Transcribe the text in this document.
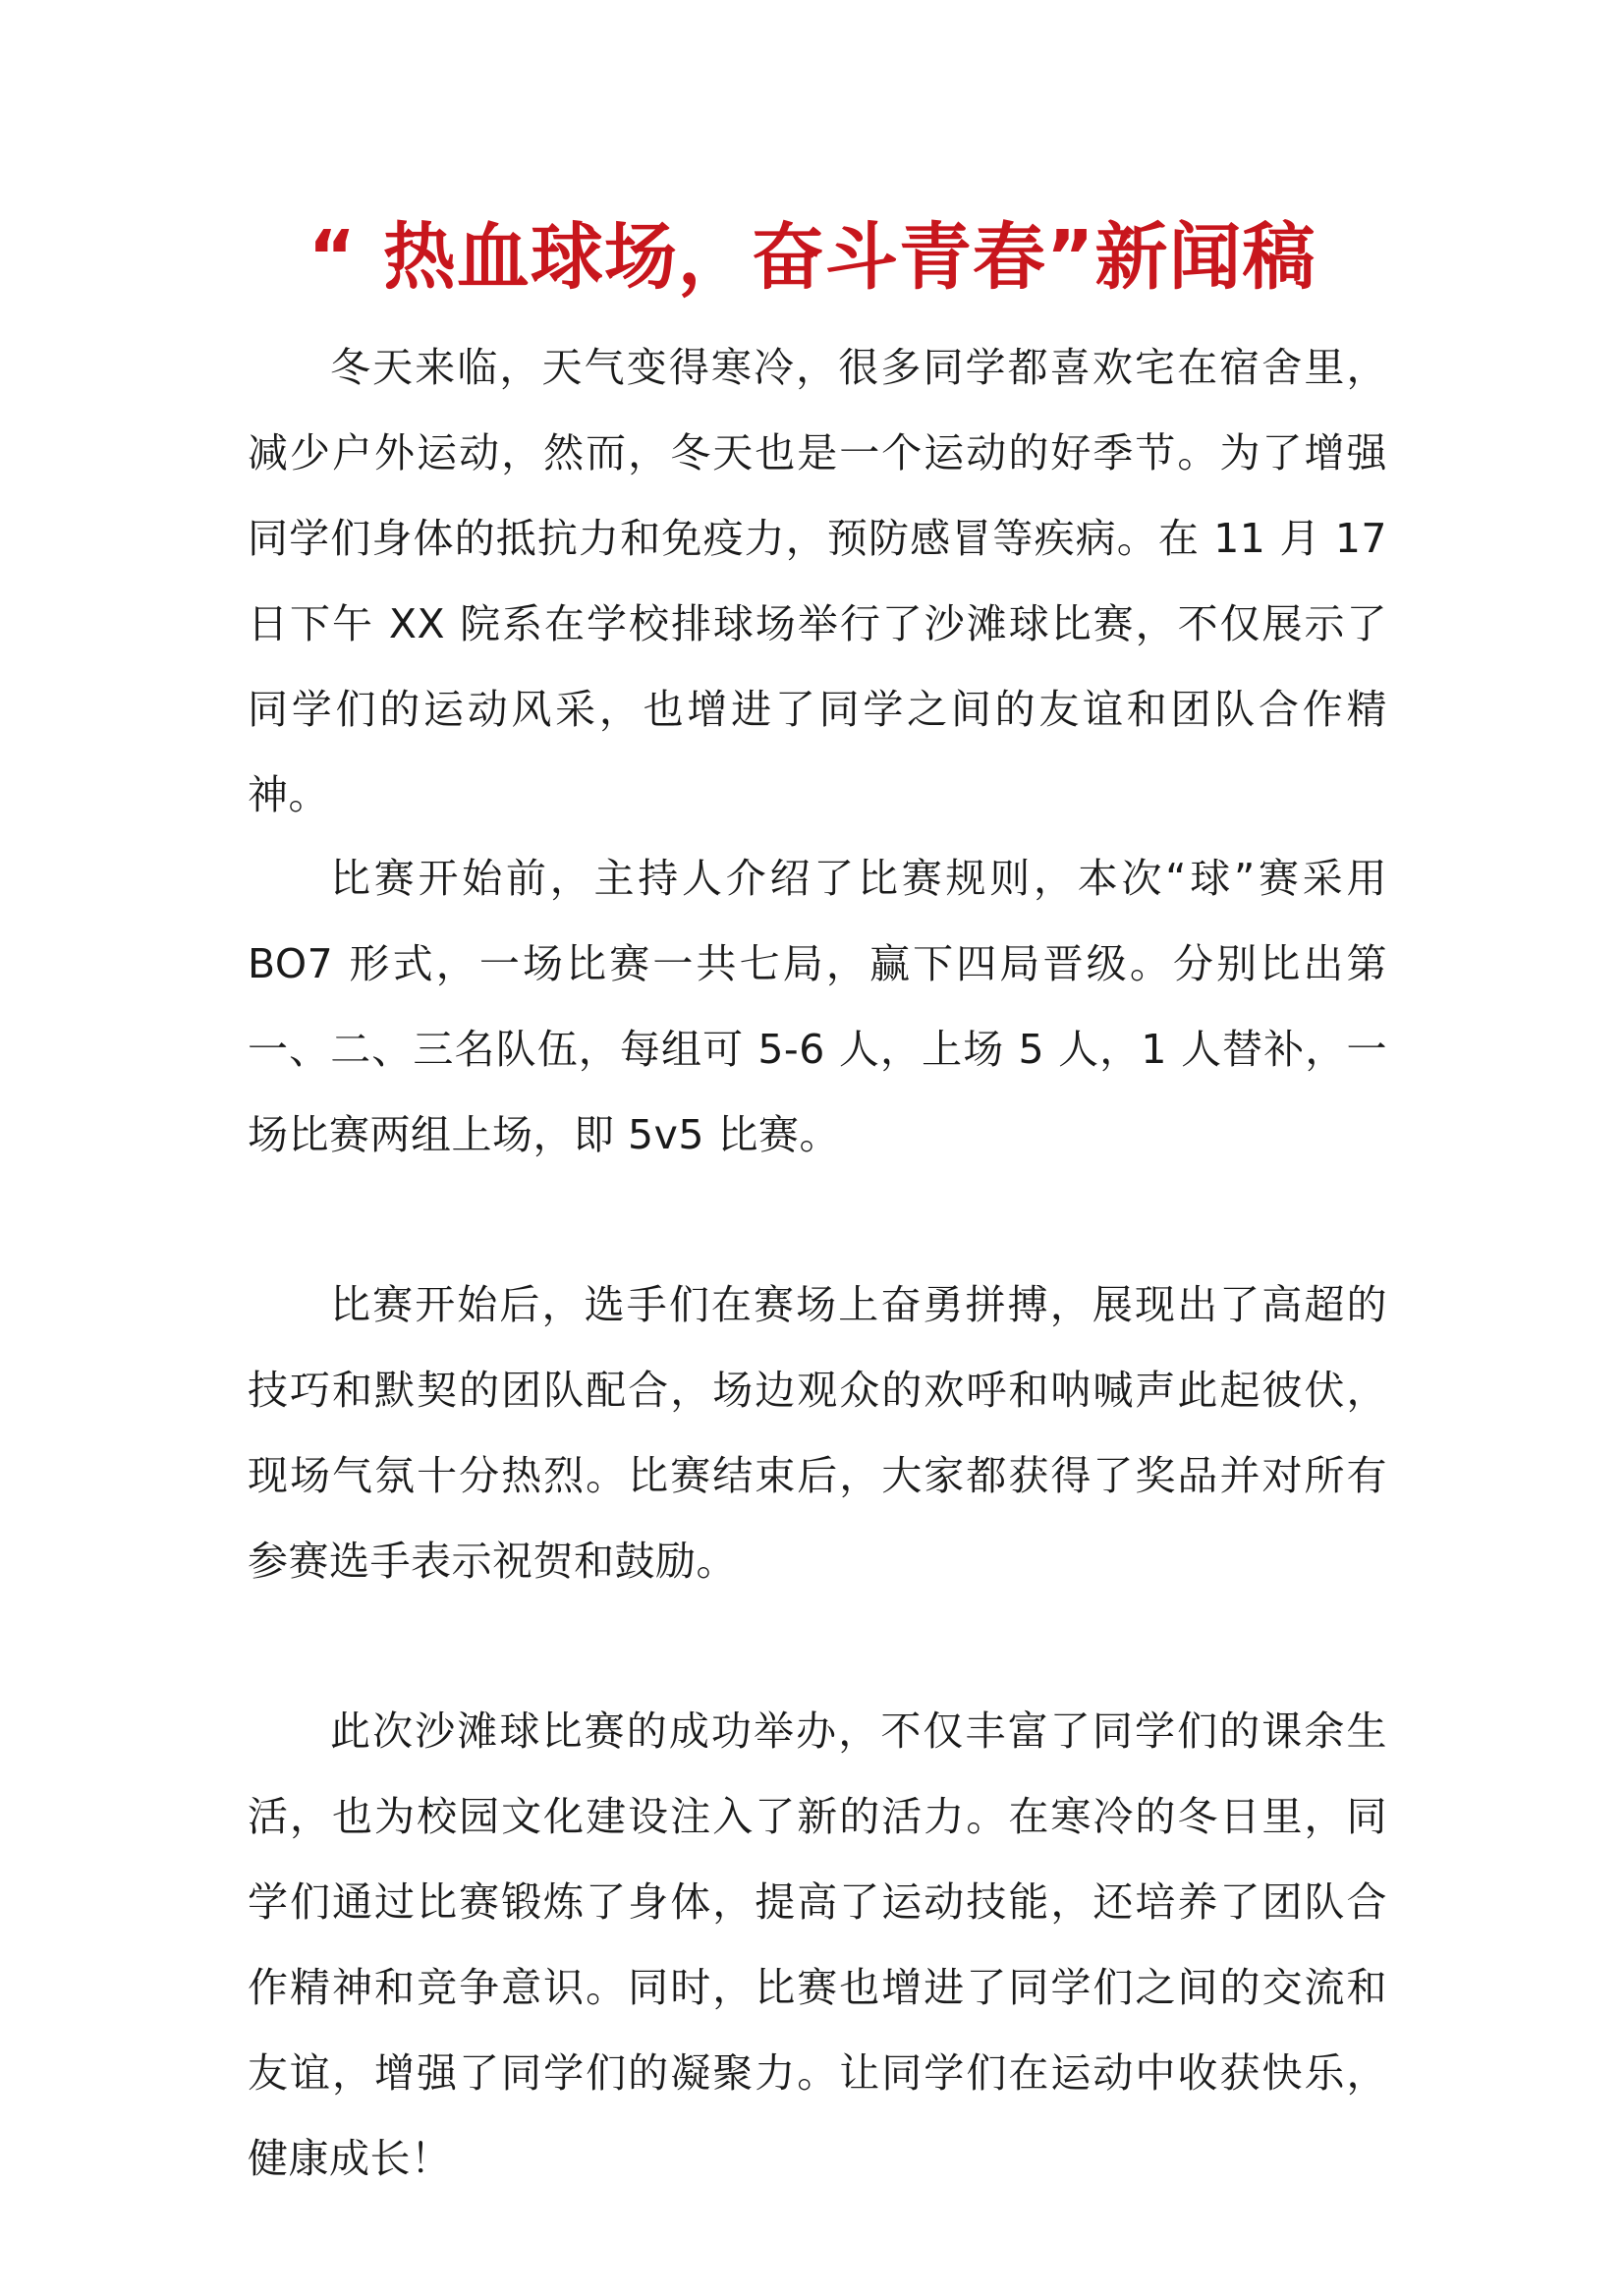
“ 热血球场，奋斗青春”新闻稿

冬天来临，天气变得寒冷，很多同学都喜欢宅在宿舍里，减少户外运动，然而，冬天也是一个运动的好季节。为了增强同学们身体的抵抗力和免疫力，预防感冒等疾病。在 11 月 17 日下午 XX 院系在学校排球场举行了沙滩球比赛，不仅展示了同学们的运动风采，也增进了同学之间的友谊和团队合作精神。

比赛开始前，主持人介绍了比赛规则，本次“球”赛采用 BO7 形式，一场比赛一共七局，赢下四局晋级。分别比出第一、二、三名队伍，每组可 5-6 人，上场 5 人，1 人替补，一场比赛两组上场，即 5v5 比赛。

比赛开始后，选手们在赛场上奋勇拼搏，展现出了高超的技巧和默契的团队配合，场边观众的欢呼和呐喊声此起彼伏，现场气氛十分热烈。比赛结束后，大家都获得了奖品并对所有参赛选手表示祝贺和鼓励。

此次沙滩球比赛的成功举办，不仅丰富了同学们的课余生活，也为校园文化建设注入了新的活力。在寒冷的冬日里，同学们通过比赛锻炼了身体，提高了运动技能，还培养了团队合作精神和竞争意识。同时，比赛也增进了同学们之间的交流和友谊，增强了同学们的凝聚力。让同学们在运动中收获快乐，健康成长！
